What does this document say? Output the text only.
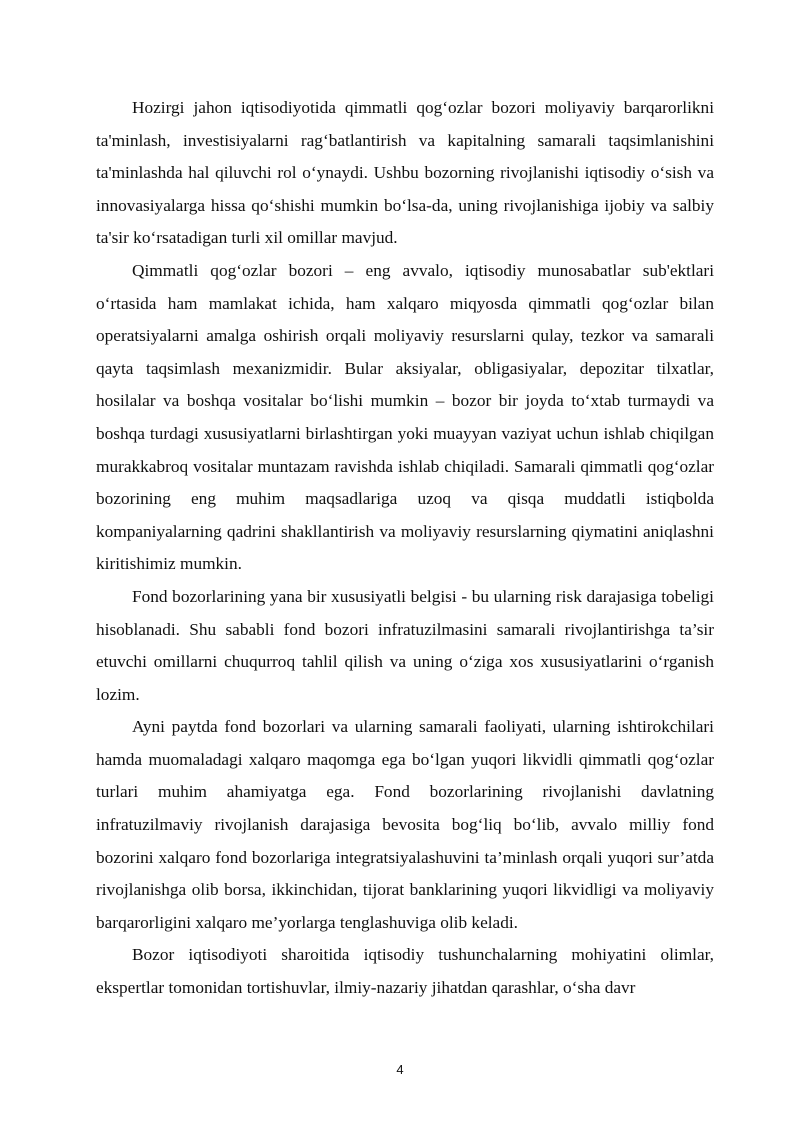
Hozirgi jahon iqtisodiyotida qimmatli qog‘ozlar bozori moliyaviy barqarorlikni ta'minlash, investisiyalarni rag‘batlantirish va kapitalning samarali taqsimlanishini ta'minlashda hal qiluvchi rol o‘ynaydi. Ushbu bozorning rivojlanishi iqtisodiy o‘sish va innovasiyalarga hissa qo‘shishi mumkin bo‘lsa-da, uning rivojlanishiga ijobiy va salbiy ta'sir ko‘rsatadigan turli xil omillar mavjud.

Qimmatli qog‘ozlar bozori – eng avvalo, iqtisodiy munosabatlar sub'ektlari o‘rtasida ham mamlakat ichida, ham xalqaro miqyosda qimmatli qog‘ozlar bilan operatsiyalarni amalga oshirish orqali moliyaviy resurslarni qulay, tezkor va samarali qayta taqsimlash mexanizmidir. Bular aksiyalar, obligasiyalar, depozitar tilxatlar, hosilalar va boshqa vositalar bo‘lishi mumkin – bozor bir joyda to‘xtab turmaydi va boshqa turdagi xususiyatlarni birlashtirgan yoki muayyan vaziyat uchun ishlab chiqilgan murakkabroq vositalar muntazam ravishda ishlab chiqiladi. Samarali qimmatli qog‘ozlar bozorining eng muhim maqsadlariga uzoq va qisqa muddatli istiqbolda kompaniyalarning qadrini shakllantirish va moliyaviy resurslarning qiymatini aniqlashni kiritishimiz mumkin.

Fond bozorlarining yana bir xususiyatli belgisi - bu ularning risk darajasiga tobeligi hisoblanadi. Shu sababli fond bozori infratuzilmasini samarali rivojlantirishga ta’sir etuvchi omillarni chuqurroq tahlil qilish va uning o‘ziga xos xususiyatlarini o‘rganish lozim.

Ayni paytda fond bozorlari va ularning samarali faoliyati, ularning ishtirokchilari hamda muomaladagi xalqaro maqomga ega bo‘lgan yuqori likvidli qimmatli qog‘ozlar turlari muhim ahamiyatga ega. Fond bozorlarining rivojlanishi davlatning infratuzilmaviy rivojlanish darajasiga bevosita bog‘liq bo‘lib, avvalo milliy fond bozorini xalqaro fond bozorlariga integratsiyalashuvini ta’minlash orqali yuqori sur’atda rivojlanishga olib borsa, ikkinchidan, tijorat banklarining yuqori likvidligi va moliyaviy barqarorligini xalqaro me’yorlarga tenglashuviga olib keladi.

Bozor iqtisodiyoti sharoitida iqtisodiy tushunchalarning mohiyatini olimlar, ekspertlar tomonidan tortishuvlar, ilmiy-nazariy jihatdan qarashlar, o‘sha davr

4
